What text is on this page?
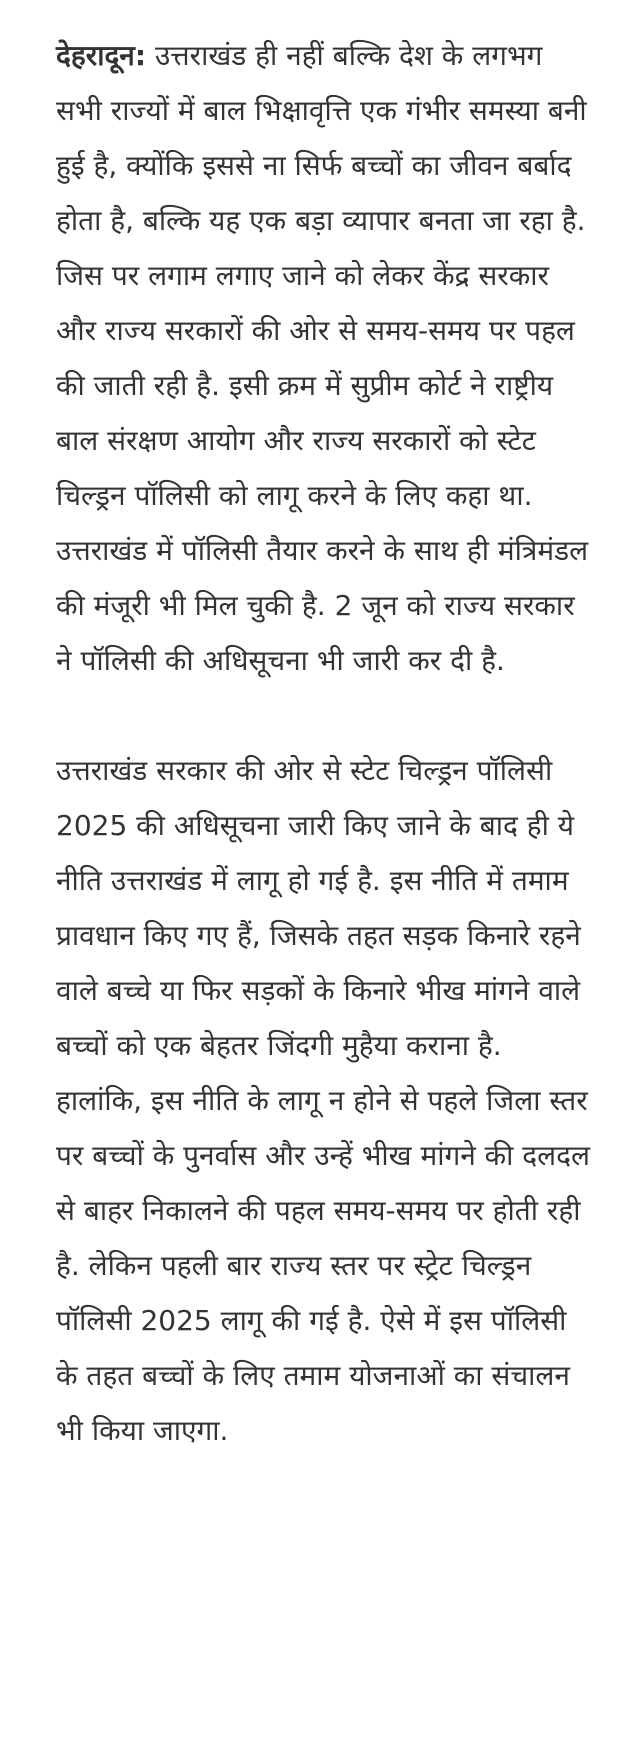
देहरादून: उत्तराखंड ही नहीं बल्कि देश के लगभग सभी राज्यों में बाल भिक्षावृत्ति एक गंभीर समस्या बनी हुई है, क्योंकि इससे ना सिर्फ बच्चों का जीवन बर्बाद होता है, बल्कि यह एक बड़ा व्यापार बनता जा रहा है. जिस पर लगाम लगाए जाने को लेकर केंद्र सरकार और राज्य सरकारों की ओर से समय-समय पर पहल की जाती रही है. इसी क्रम में सुप्रीम कोर्ट ने राष्ट्रीय बाल संरक्षण आयोग और राज्य सरकारों को स्टेट चिल्ड्रन पॉलिसी को लागू करने के लिए कहा था. उत्तराखंड में पॉलिसी तैयार करने के साथ ही मंत्रिमंडल की मंजूरी भी मिल चुकी है. 2 जून को राज्य सरकार ने पॉलिसी की अधिसूचना भी जारी कर दी है.

उत्तराखंड सरकार की ओर से स्टेट चिल्ड्रन पॉलिसी 2025 की अधिसूचना जारी किए जाने के बाद ही ये नीति उत्तराखंड में लागू हो गई है. इस नीति में तमाम प्रावधान किए गए हैं, जिसके तहत सड़क किनारे रहने वाले बच्चे या फिर सड़कों के किनारे भीख मांगने वाले बच्चों को एक बेहतर जिंदगी मुहैया कराना है. हालांकि, इस नीति के लागू न होने से पहले जिला स्तर पर बच्चों के पुनर्वास और उन्हें भीख मांगने की दलदल से बाहर निकालने की पहल समय-समय पर होती रही है. लेकिन पहली बार राज्य स्तर पर स्ट्रेट चिल्ड्रन पॉलिसी 2025 लागू की गई है. ऐसे में इस पॉलिसी के तहत बच्चों के लिए तमाम योजनाओं का संचालन भी किया जाएगा.
